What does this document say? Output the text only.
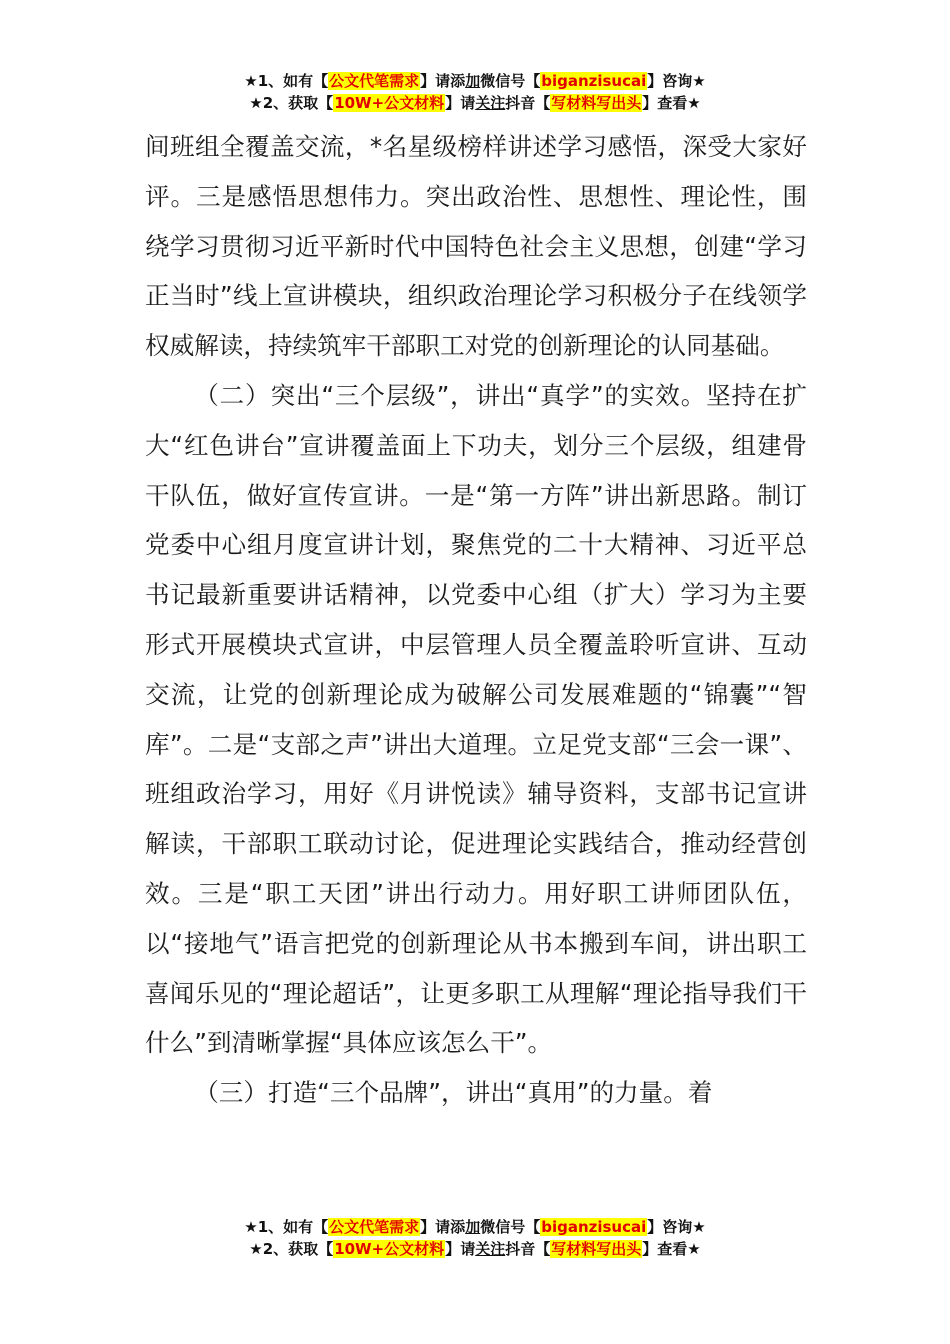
★1、如有【公文代笔需求】请添加微信号【biganzisucai】咨询★
★2、获取【10W+公文材料】请关注抖音【写材料写出头】查看★

间班组全覆盖交流，*名星级榜样讲述学习感悟，深受大家好评。三是感悟思想伟力。突出政治性、思想性、理论性，围绕学习贯彻习近平新时代中国特色社会主义思想，创建“学习正当时”线上宣讲模块，组织政治理论学习积极分子在线领学权威解读，持续筑牢干部职工对党的创新理论的认同基础。

（二）突出“三个层级”，讲出“真学”的实效。坚持在扩大“红色讲台”宣讲覆盖面上下功夫，划分三个层级，组建骨干队伍，做好宣传宣讲。一是“第一方阵”讲出新思路。制订党委中心组月度宣讲计划，聚焦党的二十大精神、习近平总书记最新重要讲话精神，以党委中心组（扩大）学习为主要形式开展模块式宣讲，中层管理人员全覆盖聆听宣讲、互动交流，让党的创新理论成为破解公司发展难题的“锦囊”“智库”。二是“支部之声”讲出大道理。立足党支部“三会一课”、班组政治学习，用好《月讲悦读》辅导资料，支部书记宣讲解读，干部职工联动讨论，促进理论实践结合，推动经营创效。三是“职工天团”讲出行动力。用好职工讲师团队伍，以“接地气”语言把党的创新理论从书本搬到车间，讲出职工喜闻乐见的“理论超话”，让更多职工从理解“理论指导我们干什么”到清晰掌握“具体应该怎么干”。

（三）打造“三个品牌”，讲出“真用”的力量。着

★1、如有【公文代笔需求】请添加微信号【biganzisucai】咨询★
★2、获取【10W+公文材料】请关注抖音【写材料写出头】查看★
